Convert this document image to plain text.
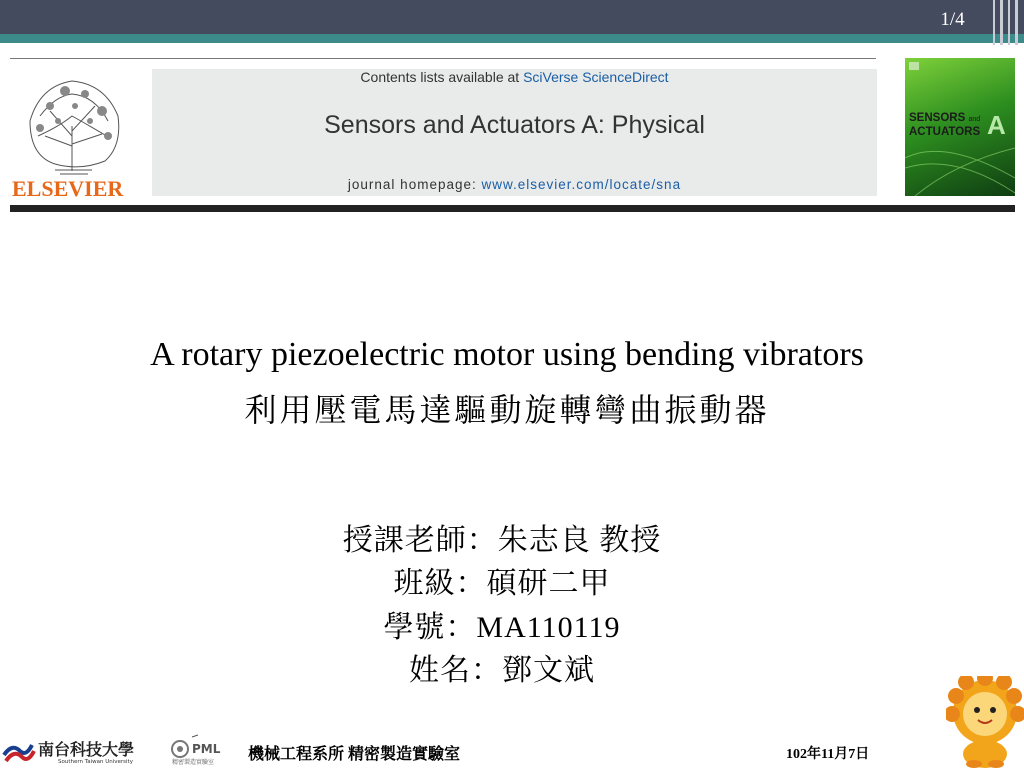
1/4
ELSEVIER
Contents lists available at SciVerse ScienceDirect
Sensors and Actuators A: Physical
journal homepage: www.elsevier.com/locate/sna
SENSORS and
ACTUATORS A
A rotary piezoelectric motor using bending vibrators
利用壓電馬達驅動旋轉彎曲振動器
授課老師：朱志良 教授
班級：碩研二甲
學號：MA110119
姓名：鄧文斌
南台科技大學
Southern Taiwan University
PML
精密製造實驗室 機械工程系所 精密製造實驗室	102年11月7日
